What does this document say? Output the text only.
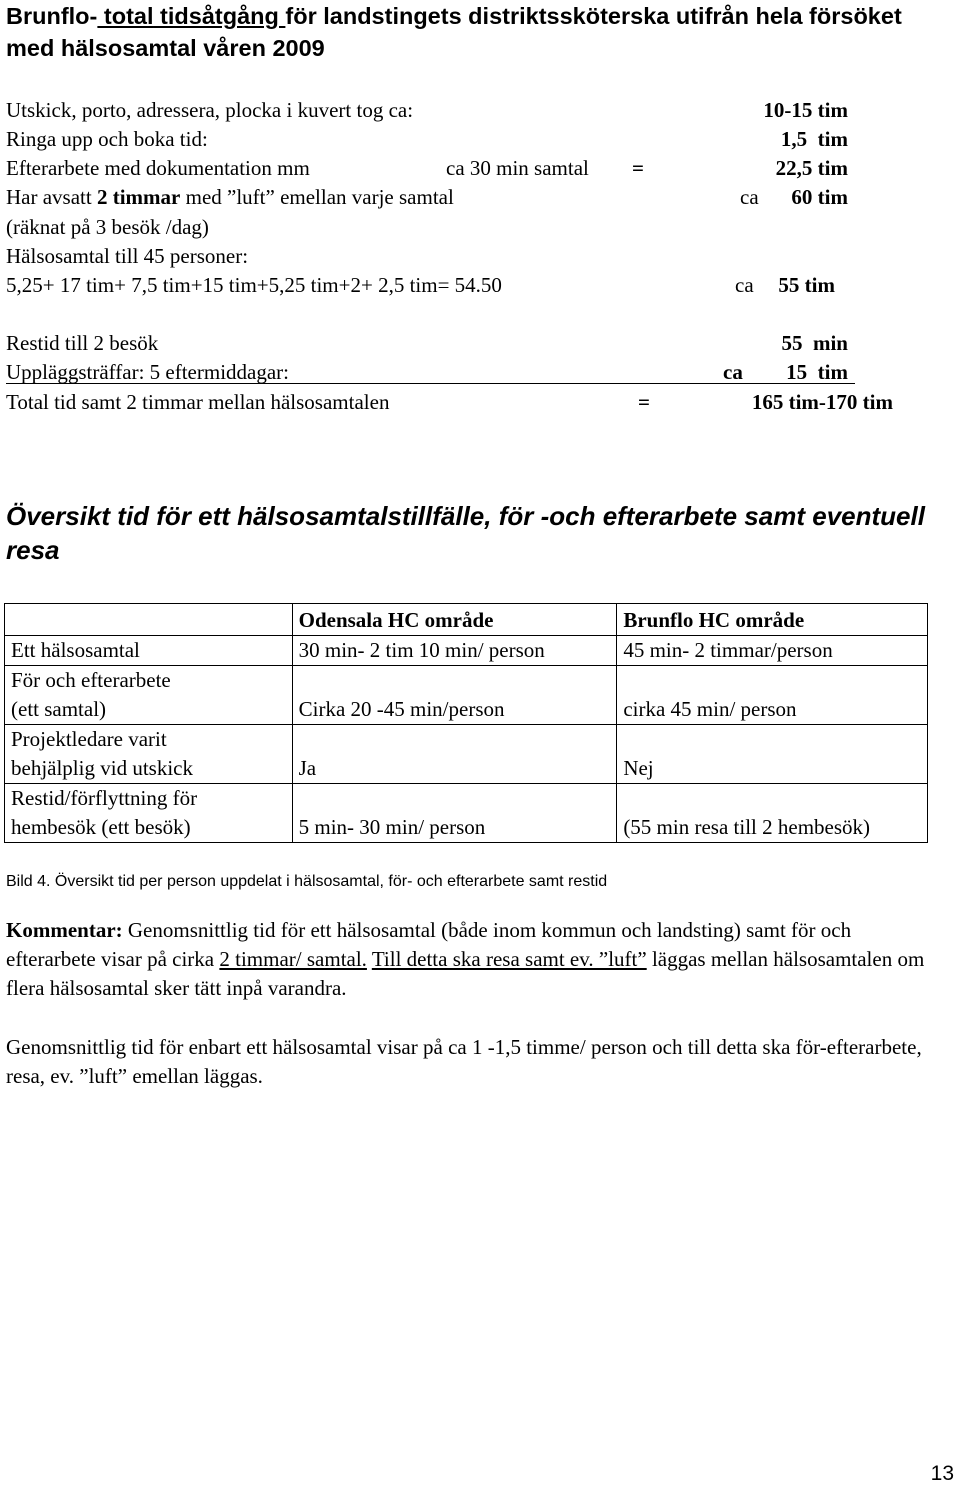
Brunflo- total tidsåtgång för landstingets distriktssköterska utifrån hela försöket med hälsosamtal våren 2009
Utskick, porto, adressera, plocka i kuvert tog ca:	10-15 tim
Ringa upp och boka tid:	1,5  tim
Efterarbete med dokumentation mm	ca 30 min samtal =	22,5 tim
Har avsatt 2 timmar med ”luft” emellan varje samtal	ca 60 tim
(räknat på 3 besök /dag)
Hälsosamtal till 45 personer:
5,25+ 17 tim+ 7,5 tim+15 tim+5,25 tim+2+ 2,5 tim= 54.50	ca 55 tim
Restid till 2 besök	55  min
Uppläggsträffar: 5 eftermiddagar:	ca 15  tim
Total tid samt 2 timmar mellan hälsosamtalen	=	165 tim-170 tim
Översikt tid för ett hälsosamtalstillfälle, för -och efterarbete samt eventuell resa
	Odensala HC område	Brunflo HC område
Ett hälsosamtal	30 min- 2 tim 10 min/ person	45 min- 2 timmar/person

För och efterarbete
(ett samtal)	Cirka 20 -45 min/person	cirka 45 min/ person

Projektledare varit
behjälplig vid utskick	Ja	Nej

Restid/förflyttning för
hembesök (ett besök)	5 min- 30 min/ person	(55 min resa till 2 hembesök)
Bild 4. Översikt tid per person uppdelat i hälsosamtal, för- och efterarbete samt restid
Kommentar: Genomsnittlig tid för ett hälsosamtal (både inom kommun och landsting) samt för och efterarbete visar på cirka 2 timmar/ samtal. Till detta ska resa samt ev. ”luft” läggas mellan hälsosamtalen om flera hälsosamtal sker tätt inpå varandra.
Genomsnittlig tid för enbart ett hälsosamtal visar på ca 1 -1,5 timme/ person och till detta ska för-efterarbete, resa, ev. ”luft” emellan läggas.
13
